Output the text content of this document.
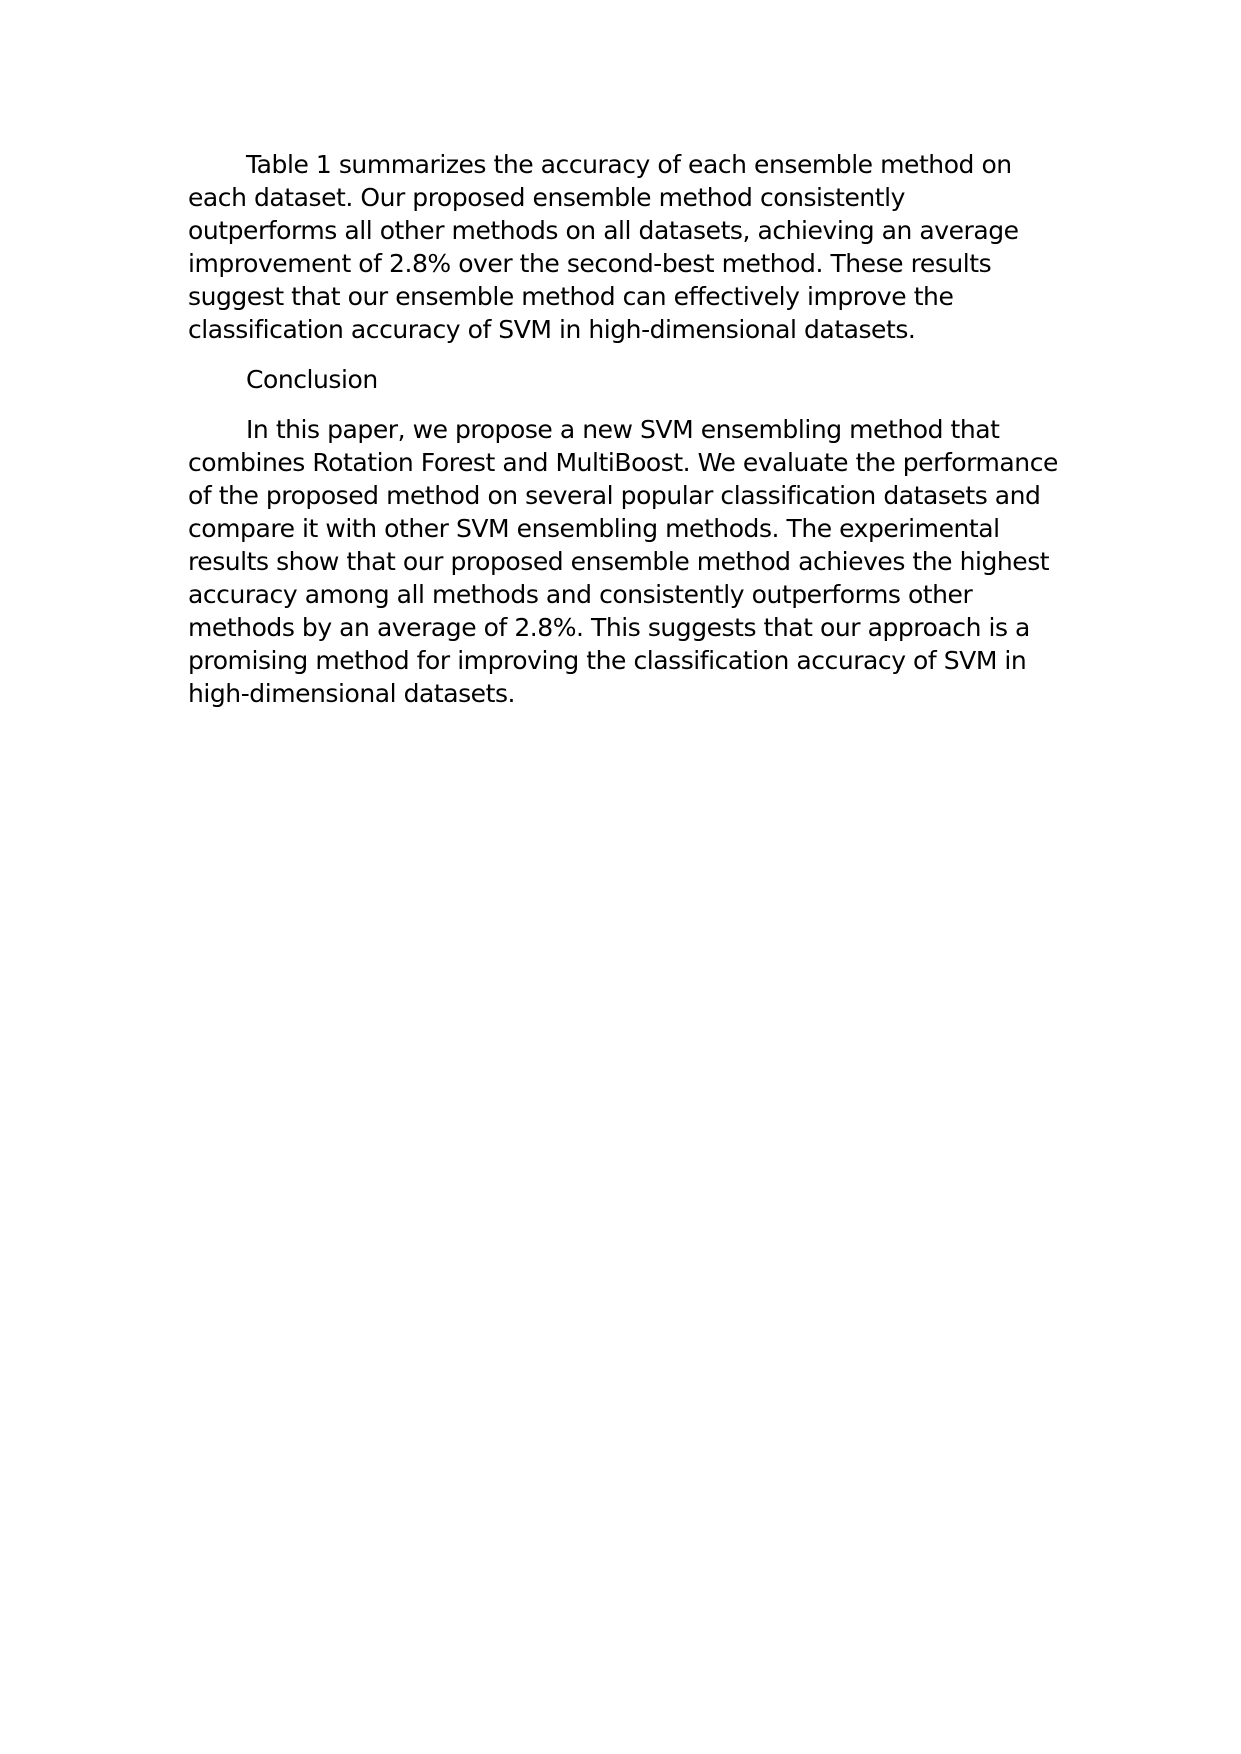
Table 1 summarizes the accuracy of each ensemble method on each dataset. Our proposed ensemble method consistently outperforms all other methods on all datasets, achieving an average improvement of 2.8% over the second-best method. These results suggest that our ensemble method can effectively improve the classification accuracy of SVM in high-dimensional datasets.

Conclusion

In this paper, we propose a new SVM ensembling method that combines Rotation Forest and MultiBoost. We evaluate the performance of the proposed method on several popular classification datasets and compare it with other SVM ensembling methods. The experimental results show that our proposed ensemble method achieves the highest accuracy among all methods and consistently outperforms other methods by an average of 2.8%. This suggests that our approach is a promising method for improving the classification accuracy of SVM in high-dimensional datasets.
